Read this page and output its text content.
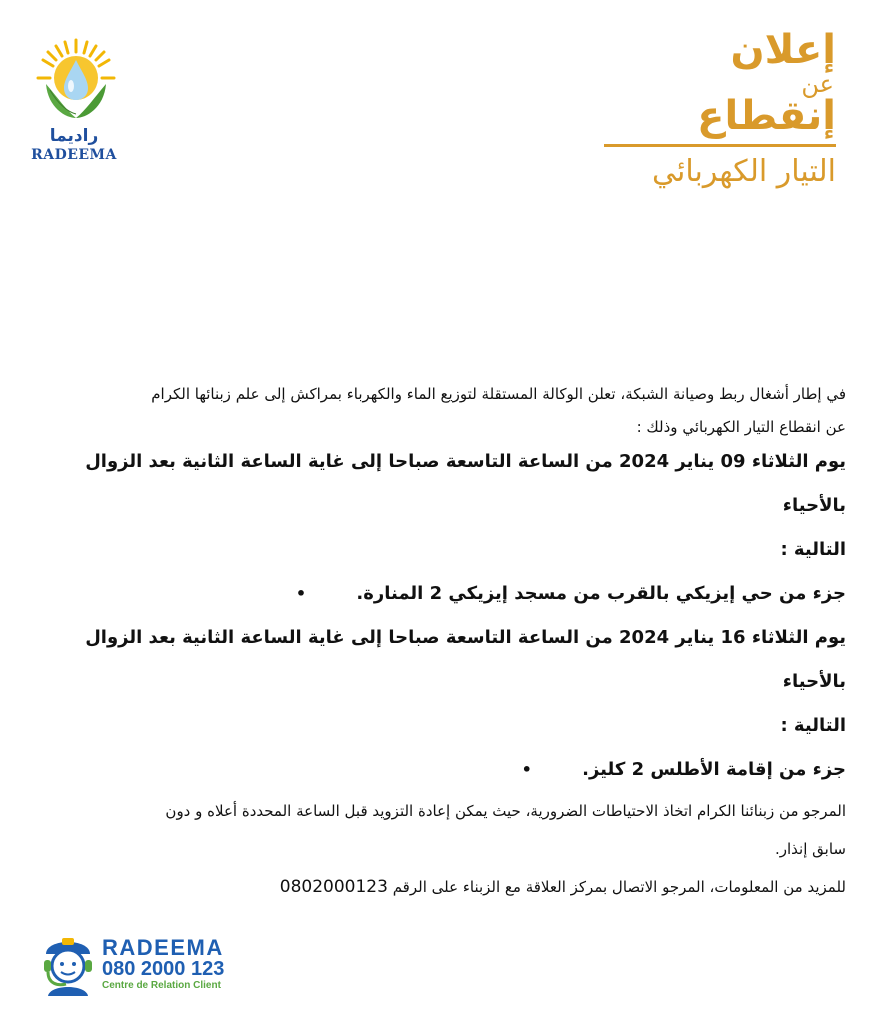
راديما
RADEEMA
إعلان
عن
إنقطاع
التيار الكهربائي

في إطار أشغال ربط وصيانة الشبكة، تعلن الوكالة المستقلة لتوزيع الماء والكهرباء بمراكش إلى علم زبنائها الكرام

عن انقطاع التيار الكهربائي وذلك :

يوم الثلاثاء 09 يناير 2024 من الساعة التاسعة صباحا إلى غاية الساعة الثانية بعد الزوال بالأحياء

التالية :

جزء من حي إيزيكي بالقرب من مسجد إيزيكي 2 المنارة. •

يوم الثلاثاء 16 يناير 2024 من الساعة التاسعة صباحا إلى غاية الساعة الثانية بعد الزوال بالأحياء

التالية :

جزء من إقامة الأطلس 2 كليز. •

المرجو من زبنائنا الكرام اتخاذ الاحتياطات الضرورية، حيث يمكن إعادة التزويد قبل الساعة المحددة أعلاه و دون

سابق إنذار.

للمزيد من المعلومات، المرجو الاتصال بمركز العلاقة مع الزبناء على الرقم 0802000123

RADEEMA
080 2000 123
Centre de Relation Client
